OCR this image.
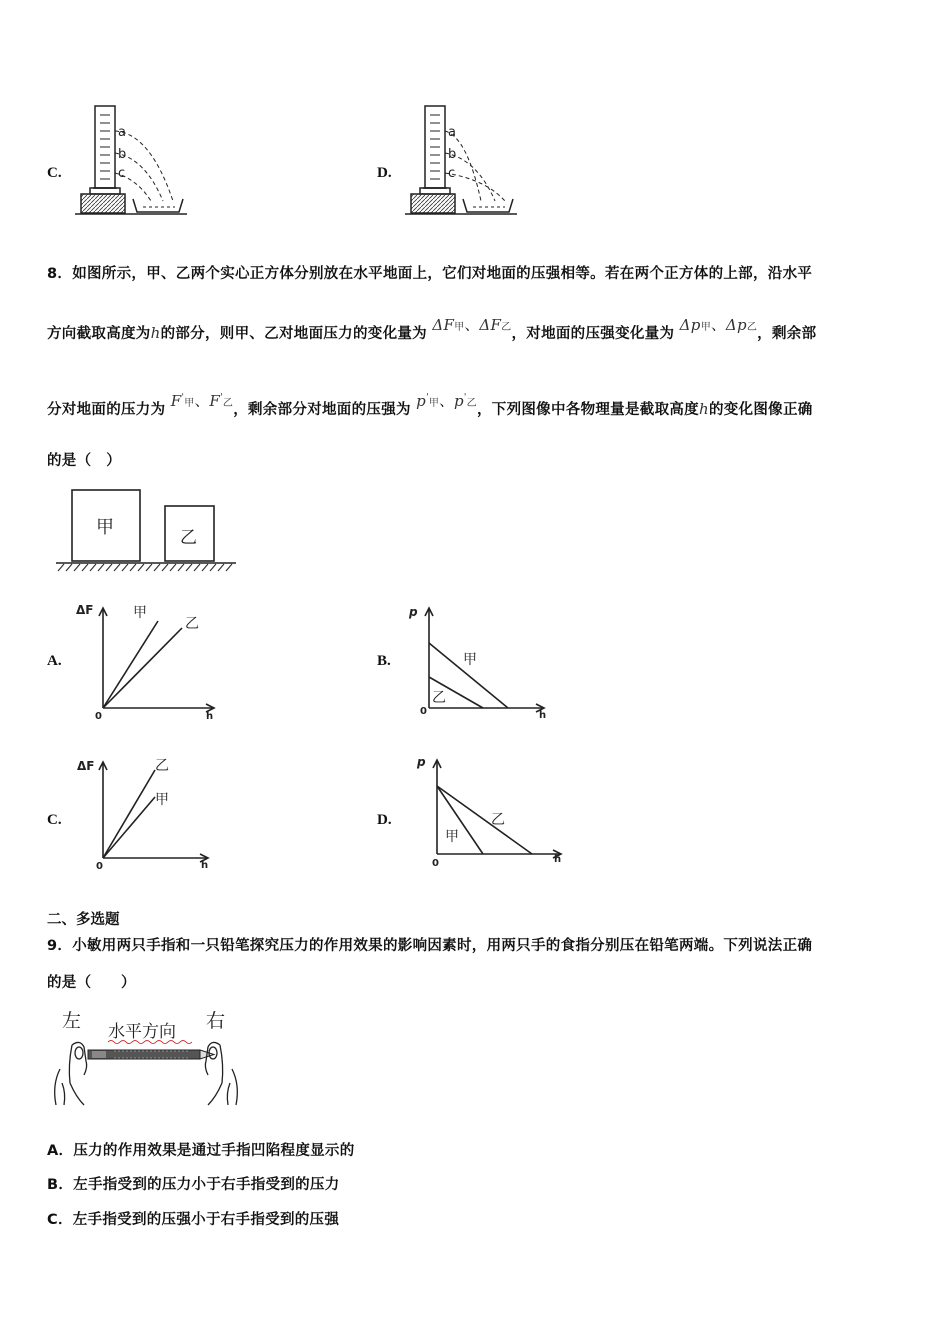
C.
a
b
c	D.
a
b
c
8．如图所示，甲、乙两个实心正方体分别放在水平地面上，它们对地面的压强相等。若在两个正方体的上部，沿水平
方向截取高度为h的部分，则甲、乙对地面压力的变化量为 ΔF甲、ΔF乙，对地面的压强变化量为 Δp甲、Δp乙，剩余部
分对地面的压力为 F'甲、F'乙，剩余部分对地面的压强为 p'甲、p'乙，下列图像中各物理量是截取高度h的变化图像正确
的是（　）
甲	乙
A.
ΔF
h
0
甲
乙
B.
p
h
0
甲
乙
C.
ΔF
h
0
乙
甲
D.
p
h
0
乙
甲
二、多选题
9．小敏用两只手指和一只铅笔探究压力的作用效果的影响因素时，用两只手的食指分别压在铅笔两端。下列说法正确
的是（　　）
左 水平方向 右
A．压力的作用效果是通过手指凹陷程度显示的
B．左手指受到的压力小于右手指受到的压力
C．左手指受到的压强小于右手指受到的压强
